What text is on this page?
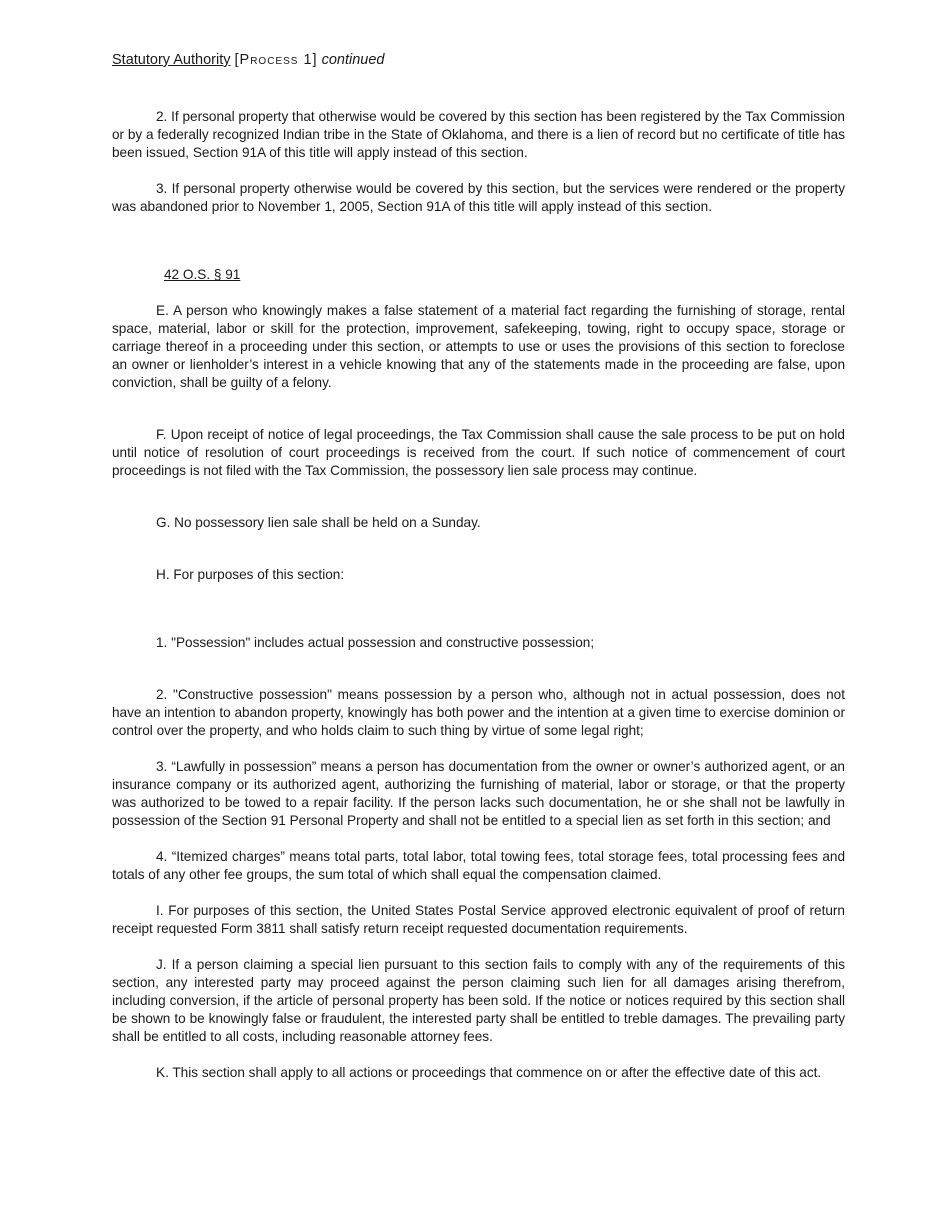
Statutory Authority [Process 1] continued

2. If personal property that otherwise would be covered by this section has been registered by the Tax Commission or by a federally recognized Indian tribe in the State of Oklahoma, and there is a lien of record but no certificate of title has been issued, Section 91A of this title will apply instead of this section.

3. If personal property otherwise would be covered by this section, but the services were rendered or the property was abandoned prior to November 1, 2005, Section 91A of this title will apply instead of this section.

42 O.S. § 91

E. A person who knowingly makes a false statement of a material fact regarding the furnishing of storage, rental space, material, labor or skill for the protection, improvement, safekeeping, towing, right to occupy space, storage or carriage thereof in a proceeding under this section, or attempts to use or uses the provisions of this section to foreclose an owner or lienholder’s interest in a vehicle knowing that any of the statements made in the proceeding are false, upon conviction, shall be guilty of a felony.

F. Upon receipt of notice of legal proceedings, the Tax Commission shall cause the sale process to be put on hold until notice of resolution of court proceedings is received from the court. If such notice of commencement of court proceedings is not filed with the Tax Commission, the possessory lien sale process may continue.

G. No possessory lien sale shall be held on a Sunday.

H. For purposes of this section:

1. "Possession" includes actual possession and constructive possession;

2. "Constructive possession" means possession by a person who, although not in actual possession, does not have an intention to abandon property, knowingly has both power and the intention at a given time to exercise dominion or control over the property, and who holds claim to such thing by virtue of some legal right;

3. “Lawfully in possession” means a person has documentation from the owner or owner’s authorized agent, or an insurance company or its authorized agent, authorizing the furnishing of material, labor or storage, or that the property was authorized to be towed to a repair facility. If the person lacks such documentation, he or she shall not be lawfully in possession of the Section 91 Personal Property and shall not be entitled to a special lien as set forth in this section; and

4. “Itemized charges” means total parts, total labor, total towing fees, total storage fees, total processing fees and totals of any other fee groups, the sum total of which shall equal the compensation claimed.

I. For purposes of this section, the United States Postal Service approved electronic equivalent of proof of return receipt requested Form 3811 shall satisfy return receipt requested documentation requirements.

J. If a person claiming a special lien pursuant to this section fails to comply with any of the requirements of this section, any interested party may proceed against the person claiming such lien for all damages arising therefrom, including conversion, if the article of personal property has been sold. If the notice or notices required by this section shall be shown to be knowingly false or fraudulent, the interested party shall be entitled to treble damages. The prevailing party shall be entitled to all costs, including reasonable attorney fees.

K. This section shall apply to all actions or proceedings that commence on or after the effective date of this act.
